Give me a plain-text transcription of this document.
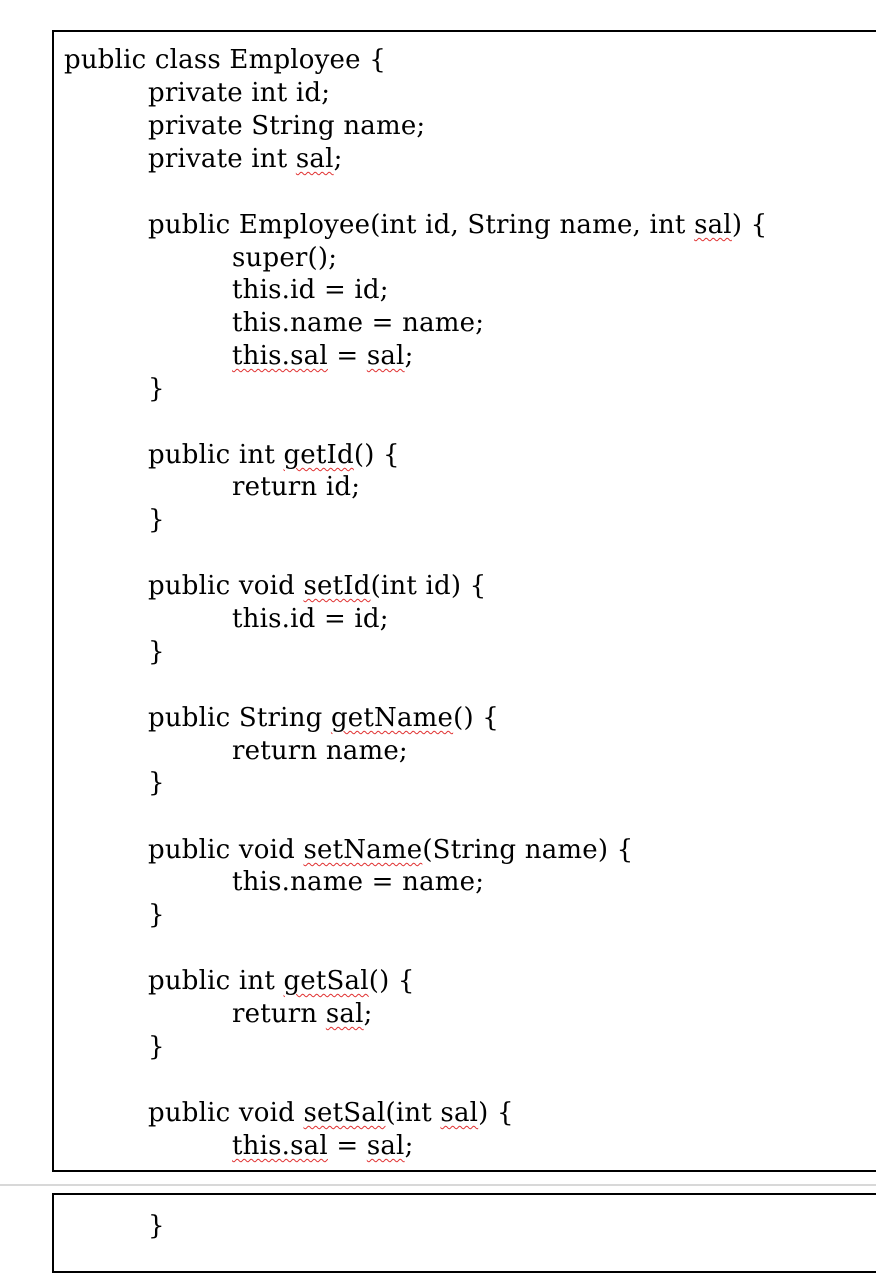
public class Employee {
private int id;
private String name;
private int sal;
public Employee(int id, String name, int sal) {
super();
this.id = id;
this.name = name;
this.sal = sal;
}
public int getId() {
return id;
}
public void setId(int id) {
this.id = id;
}
public String getName() {
return name;
}
public void setName(String name) {
this.name = name;
}
public int getSal() {
return sal;
}
public void setSal(int sal) {
this.sal = sal;
}
